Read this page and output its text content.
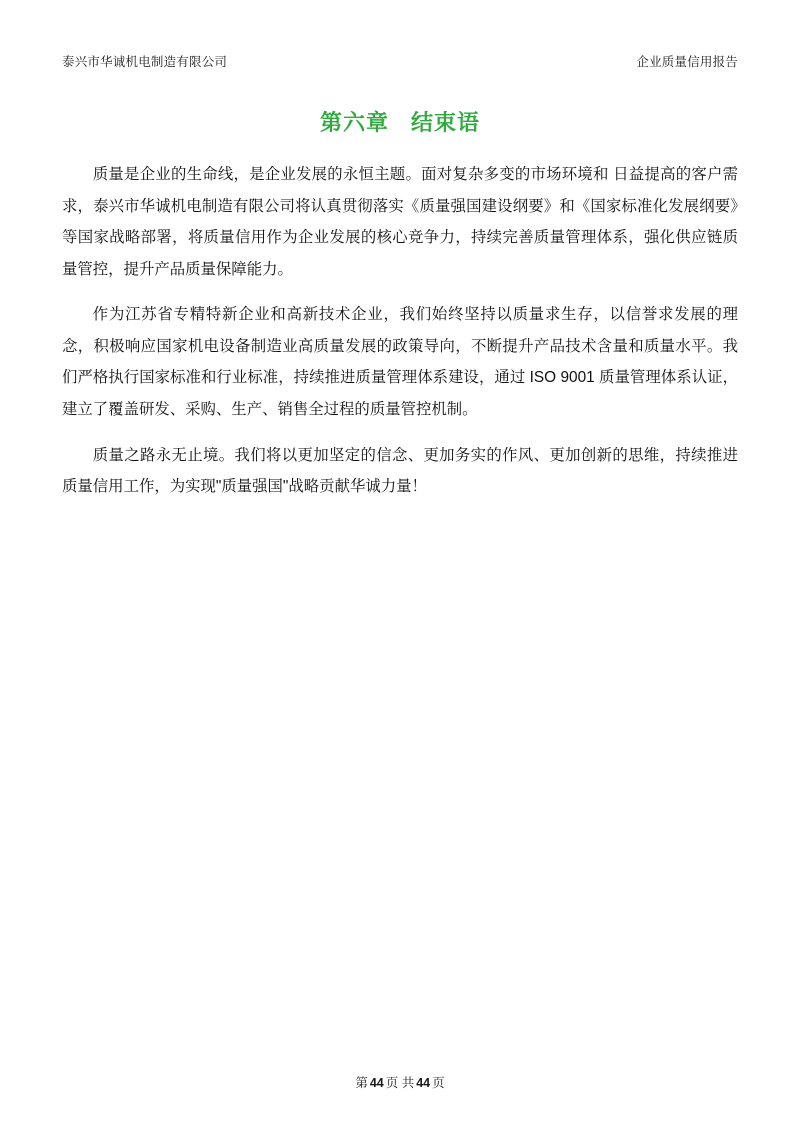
泰兴市华诚机电制造有限公司	企业质量信用报告
第六章 结束语

质量是企业的生命线，是企业发展的永恒主题。面对复杂多变的市场环境和 日益提高的客户需求，泰兴市华诚机电制造有限公司将认真贯彻落实《质量强国建设纲要》和《国家标准化发展纲要》等国家战略部署，将质量信用作为企业发展的核心竞争力，持续完善质量管理体系，强化供应链质量管控，提升产品质量保障能力。

作为江苏省专精特新企业和高新技术企业，我们始终坚持以质量求生存，以信誉求发展的理念，积极响应国家机电设备制造业高质量发展的政策导向，不断提升产品技术含量和质量水平。我们严格执行国家标准和行业标准，持续推进质量管理体系建设，通过 ISO 9001 质量管理体系认证，建立了覆盖研发、采购、生产、销售全过程的质量管控机制。

质量之路永无止境。我们将以更加坚定的信念、更加务实的作风、更加创新的思维，持续推进质量信用工作，为实现"质量强国"战略贡献华诚力量！

第 44 页 共 44 页
